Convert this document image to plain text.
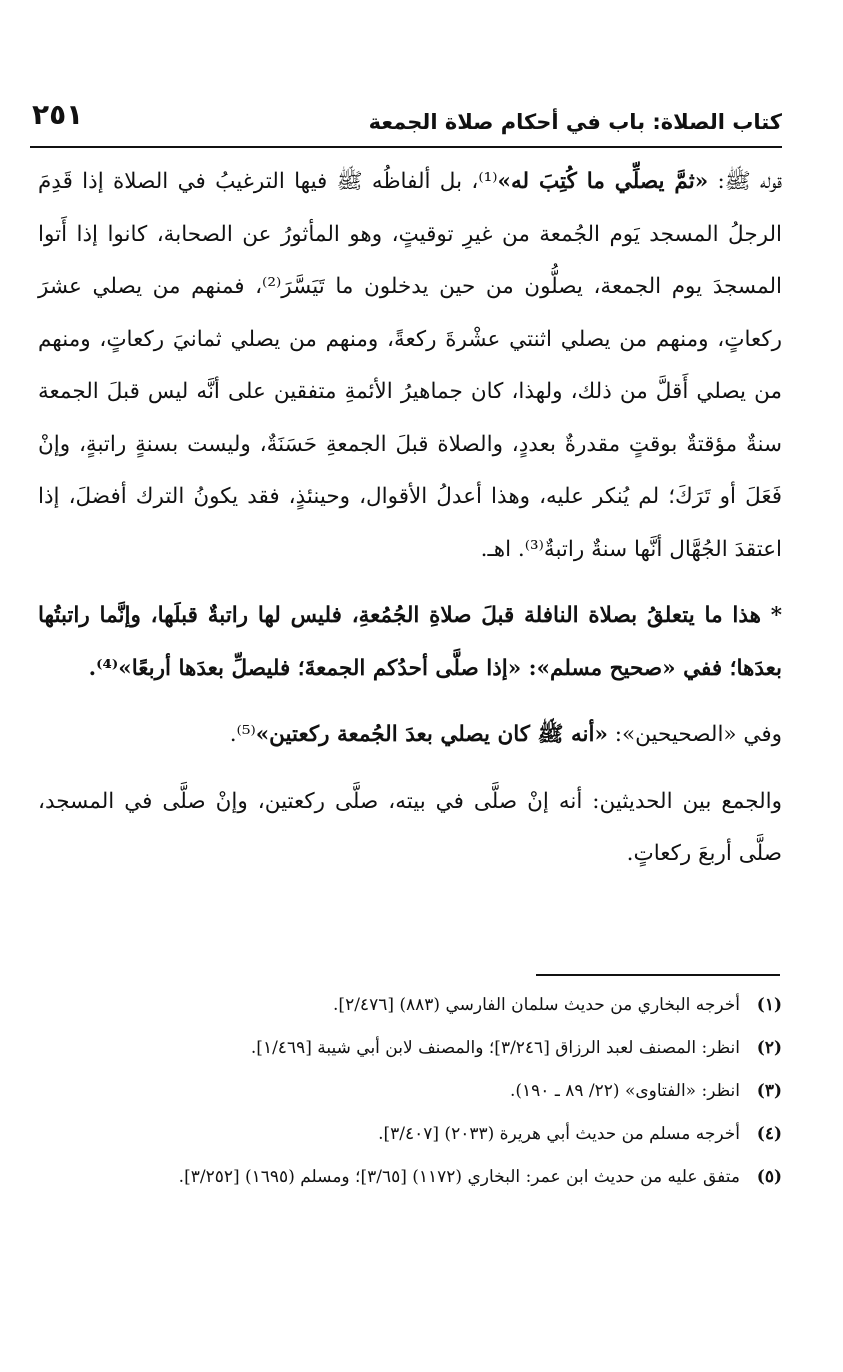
كتاب الصلاة: باب في أحكام صلاة الجمعة
٢٥١

قوله ﷺ: «ثمَّ يصلِّي ما كُتِبَ له»⁽¹⁾، بل ألفاظُه ﷺ فيها الترغيبُ في الصلاة إذا قَدِمَ الرجلُ المسجد يَوم الجُمعة من غيرِ توقيتٍ، وهو المأثورُ عن الصحابة، كانوا إذا أَتوا المسجدَ يوم الجمعة، يصلُّون من حين يدخلون ما تَيَسَّرَ⁽²⁾، فمنهم من يصلي عشرَ ركعاتٍ، ومنهم من يصلي اثنتي عشْرةَ ركعةً، ومنهم من يصلي ثمانيَ ركعاتٍ، ومنهم من يصلي أَقلَّ من ذلك، ولهذا، كان جماهيرُ الأئمةِ متفقين على أنَّه ليس قبلَ الجمعة سنةٌ مؤقتةٌ بوقتٍ مقدرةٌ بعددٍ، والصلاة قبلَ الجمعةِ حَسَنَةٌ، وليست بسنةٍ راتبةٍ، وإنْ فَعَلَ أو تَرَكَ؛ لم يُنكر عليه، وهذا أعدلُ الأقوال، وحينئذٍ، فقد يكونُ الترك أفضلَ، إذا اعتقدَ الجُهَّال أنَّها سنةٌ راتبةٌ⁽³⁾. اهـ.

* هذا ما يتعلقُ بصلاة النافلة قبلَ صلاةِ الجُمُعةِ، فليس لها راتبةٌ قبلَها، وإنَّما راتبتُها بعدَها؛ ففي «صحيح مسلم»: «إذا صلَّى أحدُكم الجمعةَ؛ فليصلِّ بعدَها أربعًا»⁽⁴⁾.

وفي «الصحيحين»: «أنه ﷺ كان يصلي بعدَ الجُمعة ركعتين»⁽⁵⁾.

والجمع بين الحديثين: أنه إنْ صلَّى في بيته، صلَّى ركعتين، وإنْ صلَّى في المسجد، صلَّى أربعَ ركعاتٍ.

(١)
أخرجه البخاري من حديث سلمان الفارسي (٨٨٣) [٢/٤٧٦].
(٢)
انظر: المصنف لعبد الرزاق [٣/٢٤٦]؛ والمصنف لابن أبي شيبة [١/٤٦٩].
(٣)
انظر: «الفتاوى» (٢٢/ ٨٩ ـ ١٩٠).
(٤)
أخرجه مسلم من حديث أبي هريرة (٢٠٣٣) [٣/٤٠٧].
(٥)
متفق عليه من حديث ابن عمر: البخاري (١١٧٢) [٣/٦٥]؛ ومسلم (١٦٩٥) [٣/٢٥٢].
